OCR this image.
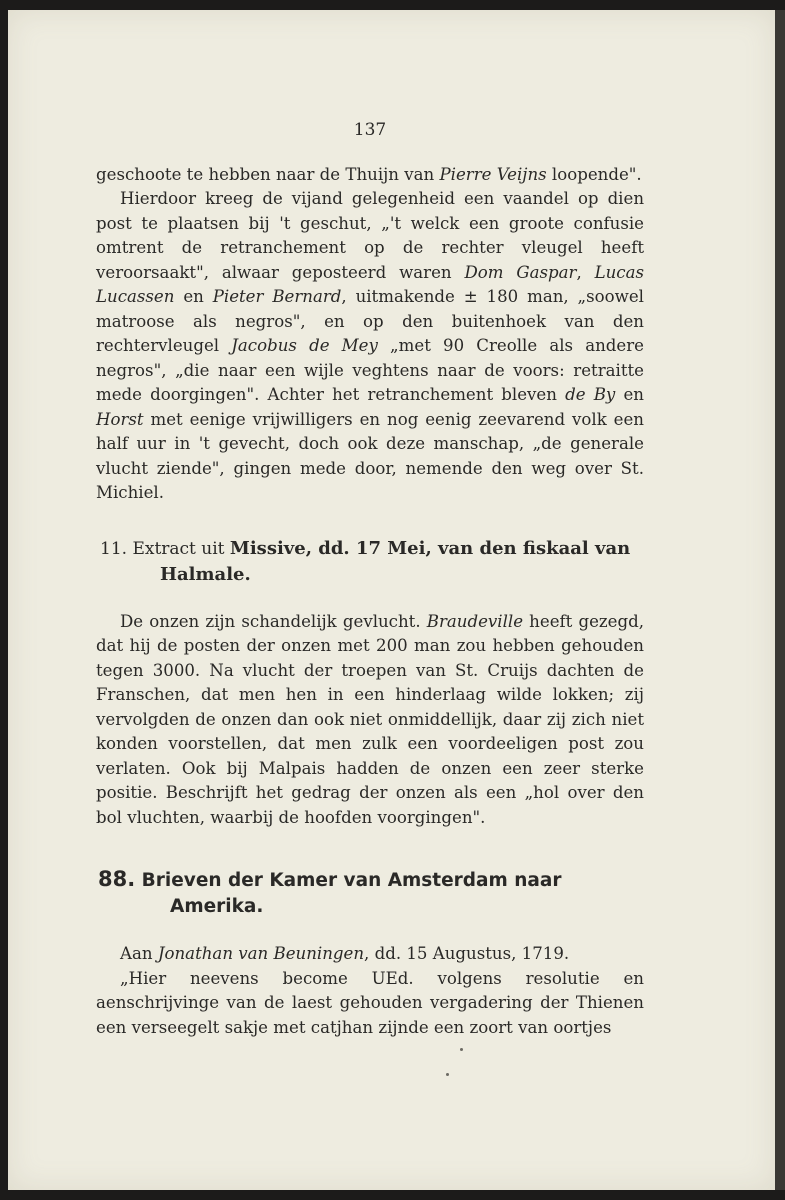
137

geschoote te hebben naar de Thuijn van Pierre Veijns loopende".

Hierdoor kreeg de vijand gelegenheid een vaandel op dien post te plaatsen bij 't geschut, „'t welck een groote confusie omtrent de retranchement op de rechter vleugel heeft veroorsaakt", alwaar geposteerd waren Dom Gaspar, Lucas Lucassen en Pieter Bernard, uitmakende ± 180 man, „soowel matroose als negros", en op den buitenhoek van den rechtervleugel Jacobus de Mey „met 90 Creolle als andere negros", „die naar een wijle veghtens naar de voors: retraitte mede doorgingen". Achter het retranchement bleven de By en Horst met eenige vrijwilligers en nog eenig zeevarend volk een half uur in 't gevecht, doch ook deze manschap, „de generale vlucht ziende", gingen mede door, nemende den weg over St. Michiel.

11. Extract uit Missive, dd. 17 Mei, van den fiskaal van Halmale.

De onzen zijn schandelijk gevlucht. Braudeville heeft gezegd, dat hij de posten der onzen met 200 man zou hebben gehouden tegen 3000. Na vlucht der troepen van St. Cruijs dachten de Franschen, dat men hen in een hinderlaag wilde lokken; zij vervolgden de onzen dan ook niet onmiddellijk, daar zij zich niet konden voorstellen, dat men zulk een voordeeligen post zou verlaten. Ook bij Malpais hadden de onzen een zeer sterke positie. Beschrijft het gedrag der onzen als een „hol over den bol vluchten, waarbij de hoofden voorgingen".

88. Brieven der Kamer van Amsterdam naar Amerika.

Aan Jonathan van Beuningen, dd. 15 Augustus, 1719.

„Hier neevens become UEd. volgens resolutie en aenschrijvinge van de laest gehouden vergadering der Thienen een verseegelt sakje met catjhan zijnde een zoort van oortjes
